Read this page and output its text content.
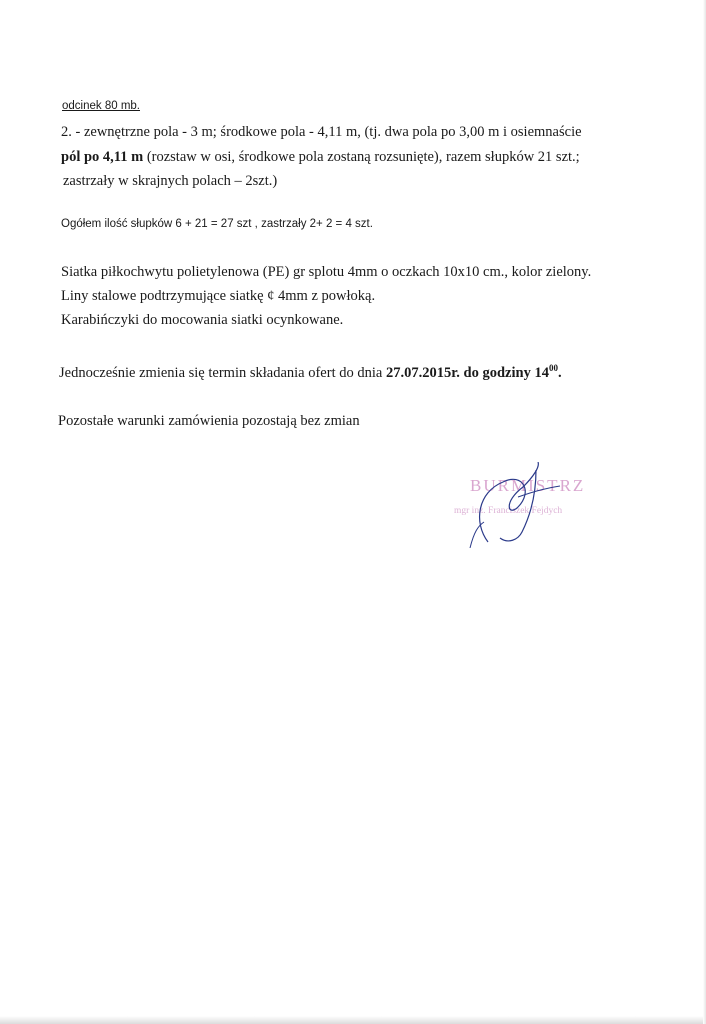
odcinek 80 mb.
2. - zewnętrzne pola - 3 m; środkowe pola - 4,11 m, (tj. dwa pola po 3,00 m i osiemnaście
pól po 4,11 m (rozstaw w osi, środkowe pola zostaną rozsunięte), razem słupków 21 szt.;
zastrzały w skrajnych polach – 2szt.)
Ogółem ilość słupków 6 + 21 = 27 szt , zastrzały 2+ 2 = 4 szt.
Siatka piłkochwytu polietylenowa (PE) gr splotu 4mm o oczkach 10x10 cm., kolor zielony.
Liny stalowe podtrzymujące siatkę ¢ 4mm z powłoką.
Karabińczyki do mocowania siatki ocynkowane.
Jednocześnie zmienia się termin składania ofert do dnia 27.07.2015r. do godziny $14^{00}$.
Pozostałe warunki zamówienia pozostają bez zmian
BURMISTRZ
mgr inż. Franciszek Fejdych
